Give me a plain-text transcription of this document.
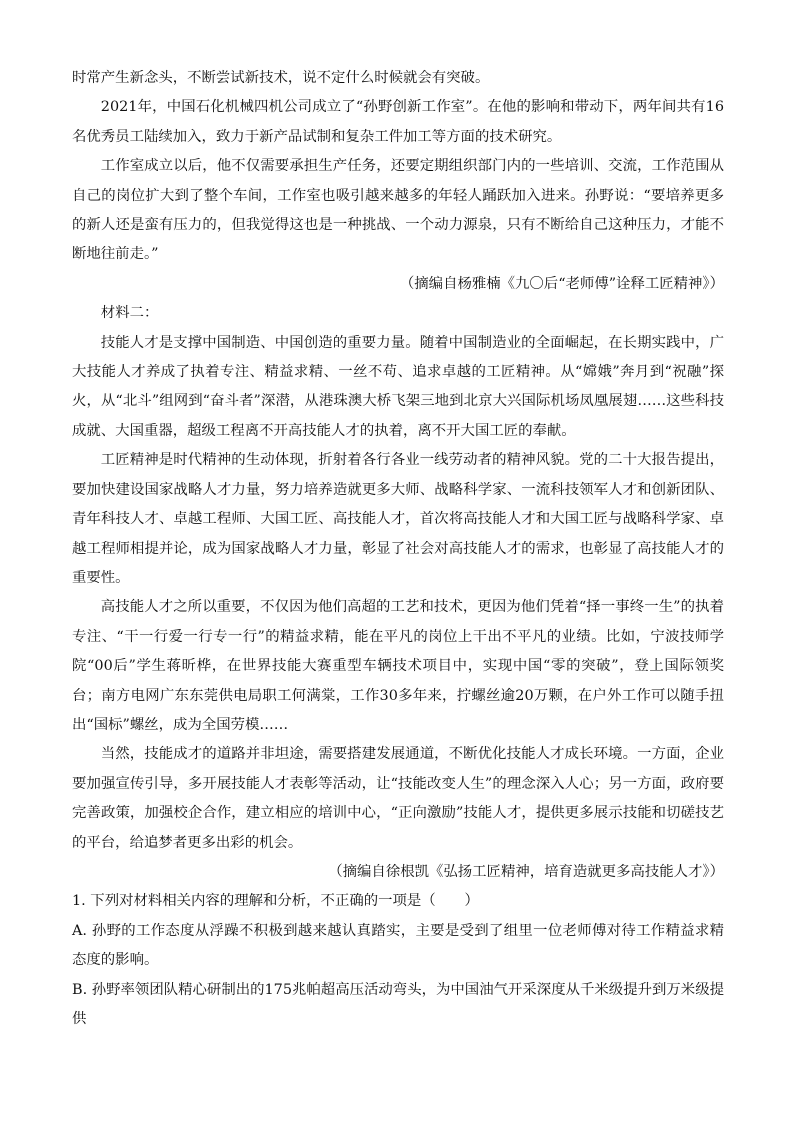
时常产生新念头，不断尝试新技术，说不定什么时候就会有突破。

2021年，中国石化机械四机公司成立了“孙野创新工作室”。在他的影响和带动下，两年间共有16名优秀员工陆续加入，致力于新产品试制和复杂工件加工等方面的技术研究。

工作室成立以后，他不仅需要承担生产任务，还要定期组织部门内的一些培训、交流，工作范围从自己的岗位扩大到了整个车间，工作室也吸引越来越多的年轻人踊跃加入进来。孙野说：“要培养更多的新人还是蛮有压力的，但我觉得这也是一种挑战、一个动力源泉，只有不断给自己这种压力，才能不断地往前走。”

（摘编自杨雅楠《九〇后“老师傅”诠释工匠精神》）

材料二：

技能人才是支撑中国制造、中国创造的重要力量。随着中国制造业的全面崛起，在长期实践中，广大技能人才养成了执着专注、精益求精、一丝不苟、追求卓越的工匠精神。从“嫦娥”奔月到“祝融”探火，从“北斗”组网到“奋斗者”深潜，从港珠澳大桥飞架三地到北京大兴国际机场凤凰展翅……这些科技成就、大国重器，超级工程离不开高技能人才的执着，离不开大国工匠的奉献。

工匠精神是时代精神的生动体现，折射着各行各业一线劳动者的精神风貌。党的二十大报告提出，要加快建设国家战略人才力量，努力培养造就更多大师、战略科学家、一流科技领军人才和创新团队、青年科技人才、卓越工程师、大国工匠、高技能人才，首次将高技能人才和大国工匠与战略科学家、卓越工程师相提并论，成为国家战略人才力量，彰显了社会对高技能人才的需求，也彰显了高技能人才的重要性。

高技能人才之所以重要，不仅因为他们高超的工艺和技术，更因为他们凭着“择一事终一生”的执着专注、“干一行爱一行专一行”的精益求精，能在平凡的岗位上干出不平凡的业绩。比如，宁波技师学院“00后”学生蒋昕桦，在世界技能大赛重型车辆技术项目中，实现中国“零的突破”，登上国际领奖台；南方电网广东东莞供电局职工何满棠，工作30多年来，拧螺丝逾20万颗，在户外工作可以随手扭出“国标”螺丝，成为全国劳模……

当然，技能成才的道路并非坦途，需要搭建发展通道，不断优化技能人才成长环境。一方面，企业要加强宣传引导，多开展技能人才表彰等活动，让“技能改变人生”的理念深入人心；另一方面，政府要完善政策，加强校企合作，建立相应的培训中心，“正向激励”技能人才，提供更多展示技能和切磋技艺的平台，给追梦者更多出彩的机会。

（摘编自徐根凯《弘扬工匠精神，培育造就更多高技能人才》）

1. 下列对材料相关内容的理解和分析，不正确的一项是（　　）

A. 孙野的工作态度从浮躁不积极到越来越认真踏实，主要是受到了组里一位老师傅对待工作精益求精态度的影响。

B. 孙野率领团队精心研制出的175兆帕超高压活动弯头，为中国油气开采深度从千米级提升到万米级提供
